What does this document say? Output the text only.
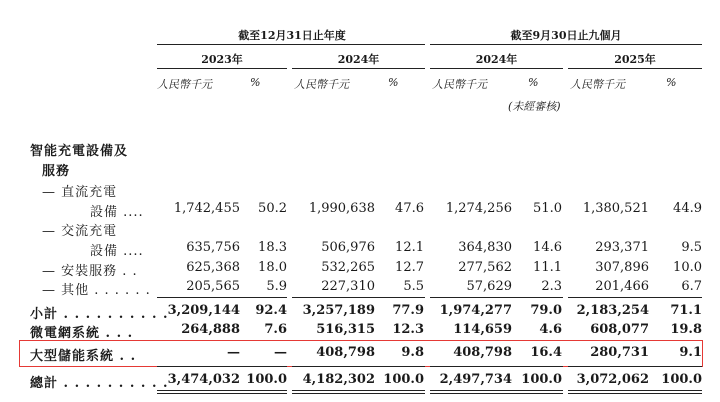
截至12月31日止年度	截至9月30日止九個月
2023年	2024年	2024年	2025年
人民幣千元	%	人民幣千元	%	人民幣千元	%	人民幣千元	%
(未經審核)
智能充電設備及
服務
— 直流充電
設備 .... 1,742,455 50.2 1,990,638 47.6 1,274,256 51.0 1,380,521 44.9
— 交流充電
設備 ....	635,756 18.3	506,976 12.1	364,830 14.6	293,371 9.5
— 安裝服務 . .	625,368 18.0	532,265 12.7	277,562 11.1	307,896 10.0
— 其他 . . . . . .	205,565 5.9	227,310 5.5	57,629 2.3	201,466 6.7
小計 . . . . . . . . . . 3,209,144 92.4 3,257,189 77.9 1,974,277 79.0 2,183,254 71.1
微電網系統 . . .	264,888 7.6 516,315 12.3 114,659 4.6 608,077 19.8
大型儲能系統 . .	—	— 408,798 9.8 408,798 16.4 280,731 9.1
總計 . . . . . . . . . . 3,474,032 100.0 4,182,302 100.0 2,497,734 100.0 3,072,062 100.0
